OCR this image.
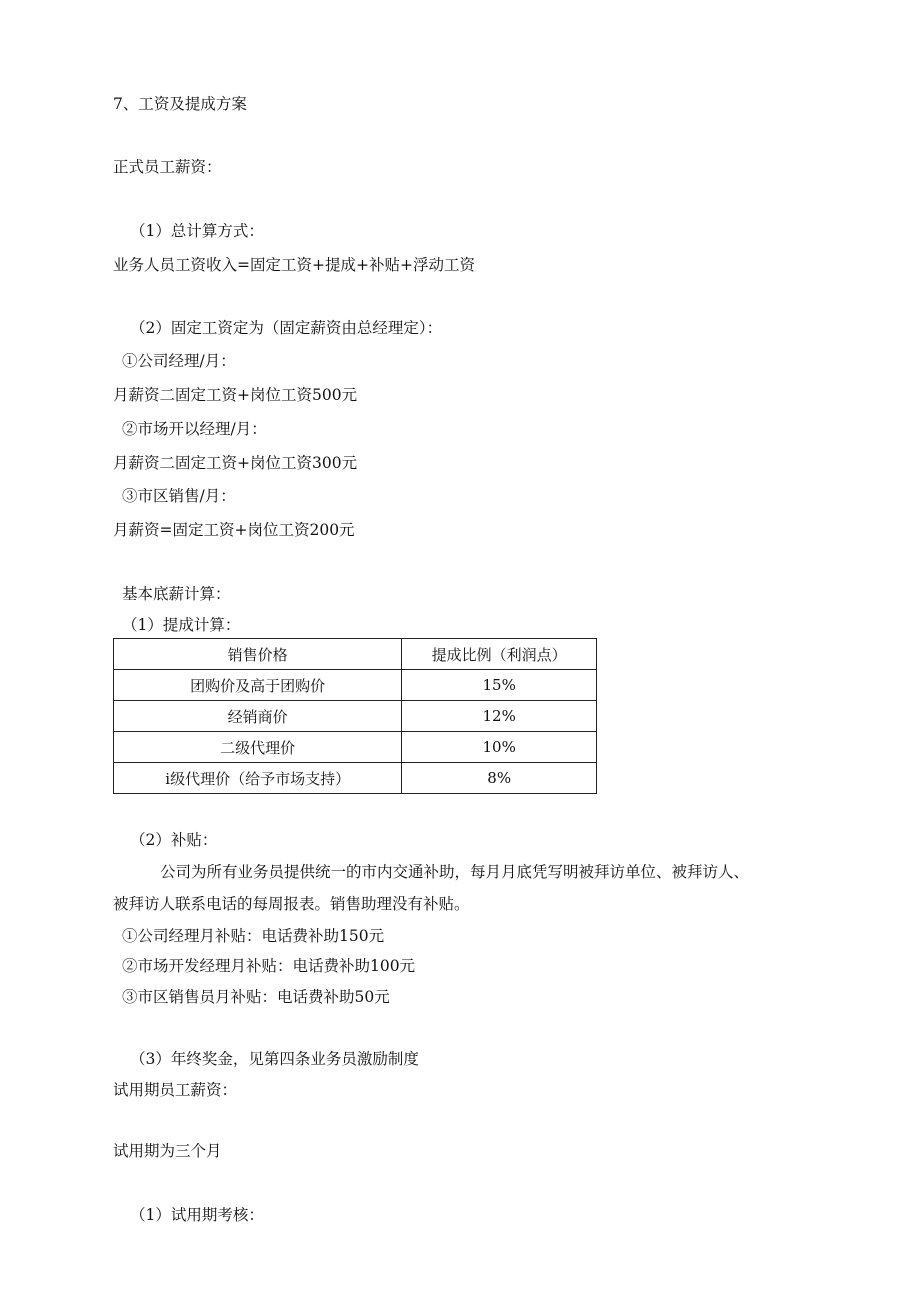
7、工资及提成方案
正式员工薪资：
（1）总计算方式：
业务人员工资收入=固定工资+提成+补贴+浮动工资
（2）固定工资定为（固定薪资由总经理定）：
①公司经理/月：
月薪资二固定工资+岗位工资500元
②市场开以经理/月：
月薪资二固定工资+岗位工资300元
③市区销售/月：
月薪资=固定工资+岗位工资200元
基本底薪计算：
（1）提成计算：
销售价格	提成比例（利润点）
团购价及高于团购价	15%
经销商价	12%
二级代理价	10%
i级代理价（给予市场支持）	8%
（2）补贴：
公司为所有业务员提供统一的市内交通补助，每月月底凭写明被拜访单位、被拜访人、
被拜访人联系电话的每周报表。销售助理没有补贴。
①公司经理月补贴：电话费补助150元
②市场开发经理月补贴：电话费补助100元
③市区销售员月补贴：电话费补助50元
（3）年终奖金，见第四条业务员激励制度
试用期员工薪资：
试用期为三个月
（1）试用期考核：
